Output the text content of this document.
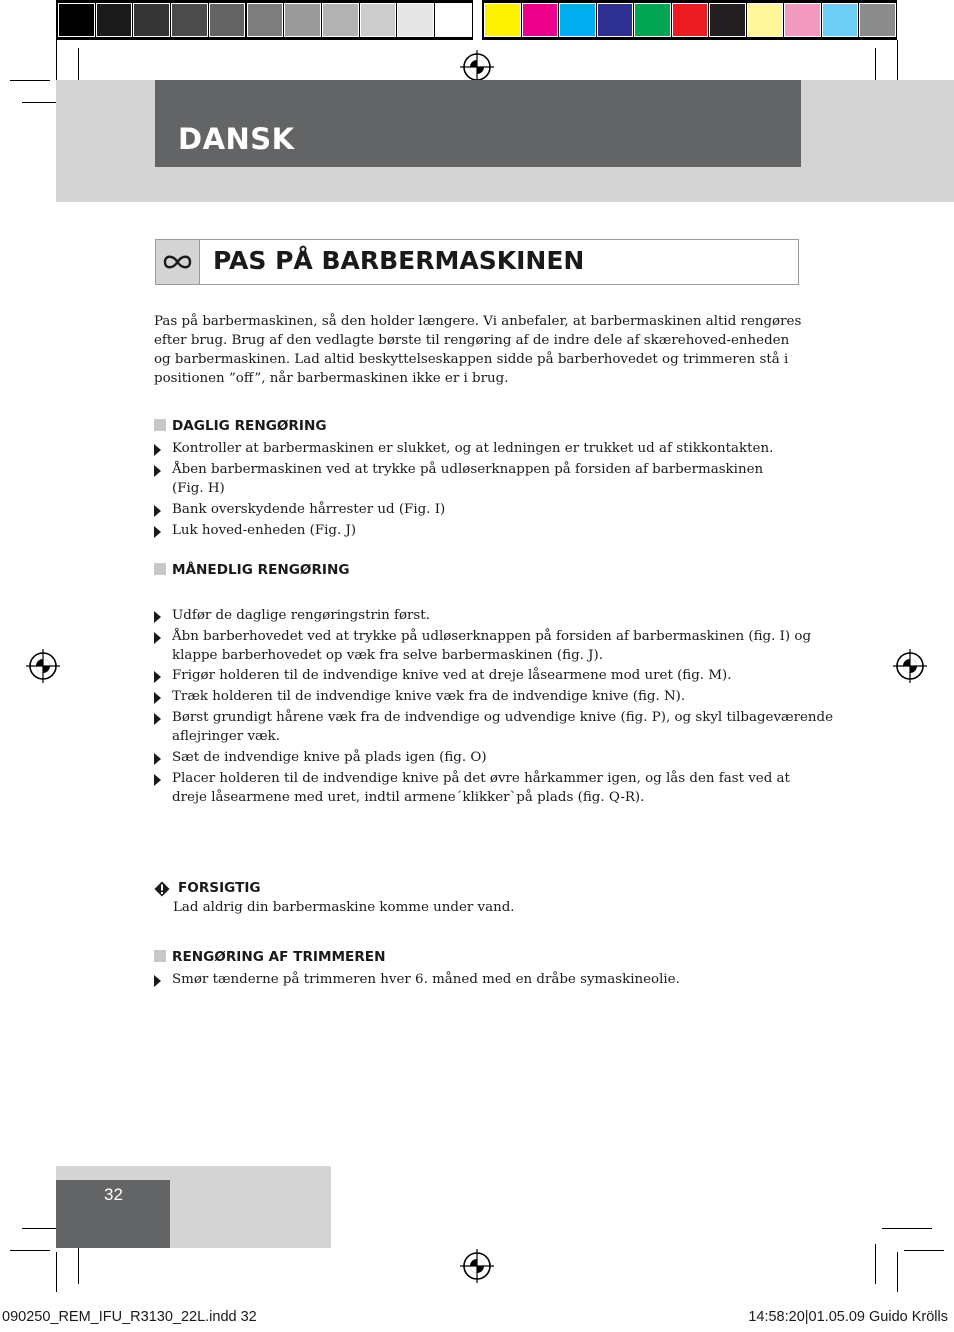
DANSK
PAS PÅ BARBERMASKINEN
Pas på barbermaskinen, så den holder længere. Vi anbefaler, at barbermaskinen altid rengøres
efter brug. Brug af den vedlagte børste til rengøring af de indre dele af skærehoved-enheden
og barbermaskinen. Lad altid beskyttelseskappen sidde på barberhovedet og trimmeren stå i
positionen ”off”, når barbermaskinen ikke er i brug.
DAGLIG RENGØRING
Kontroller at barbermaskinen er slukket, og at ledningen er trukket ud af stikkontakten.
Åben barbermaskinen ved at trykke på udløserknappen på forsiden af barbermaskinen
(Fig. H)
Bank overskydende hårrester ud (Fig. I)
Luk hoved-enheden (Fig. J)
MÅNEDLIG RENGØRING
Udfør de daglige rengøringstrin først.
Åbn barberhovedet ved at trykke på udløserknappen på forsiden af barbermaskinen (fig. I) og
klappe barberhovedet op væk fra selve barbermaskinen (fig. J).
Frigør holderen til de indvendige knive ved at dreje låsearmene mod uret (fig. M).
Træk holderen til de indvendige knive væk fra de indvendige knive (fig. N).
Børst grundigt hårene væk fra de indvendige og udvendige knive (fig. P), og skyl tilbageværende
aflejringer væk.
Sæt de indvendige knive på plads igen (fig. O)
Placer holderen til de indvendige knive på det øvre hårkammer igen, og lås den fast ved at
dreje låsearmene med uret, indtil armene´klikker`på plads (fig. Q-R).
FORSIGTIG
Lad aldrig din barbermaskine komme under vand.
RENGØRING AF TRIMMEREN
Smør tænderne på trimmeren hver 6. måned med en dråbe symaskineolie.
32
090250_REM_IFU_R3130_22L.indd 32	14:58:20|01.05.09 Guido Krölls
